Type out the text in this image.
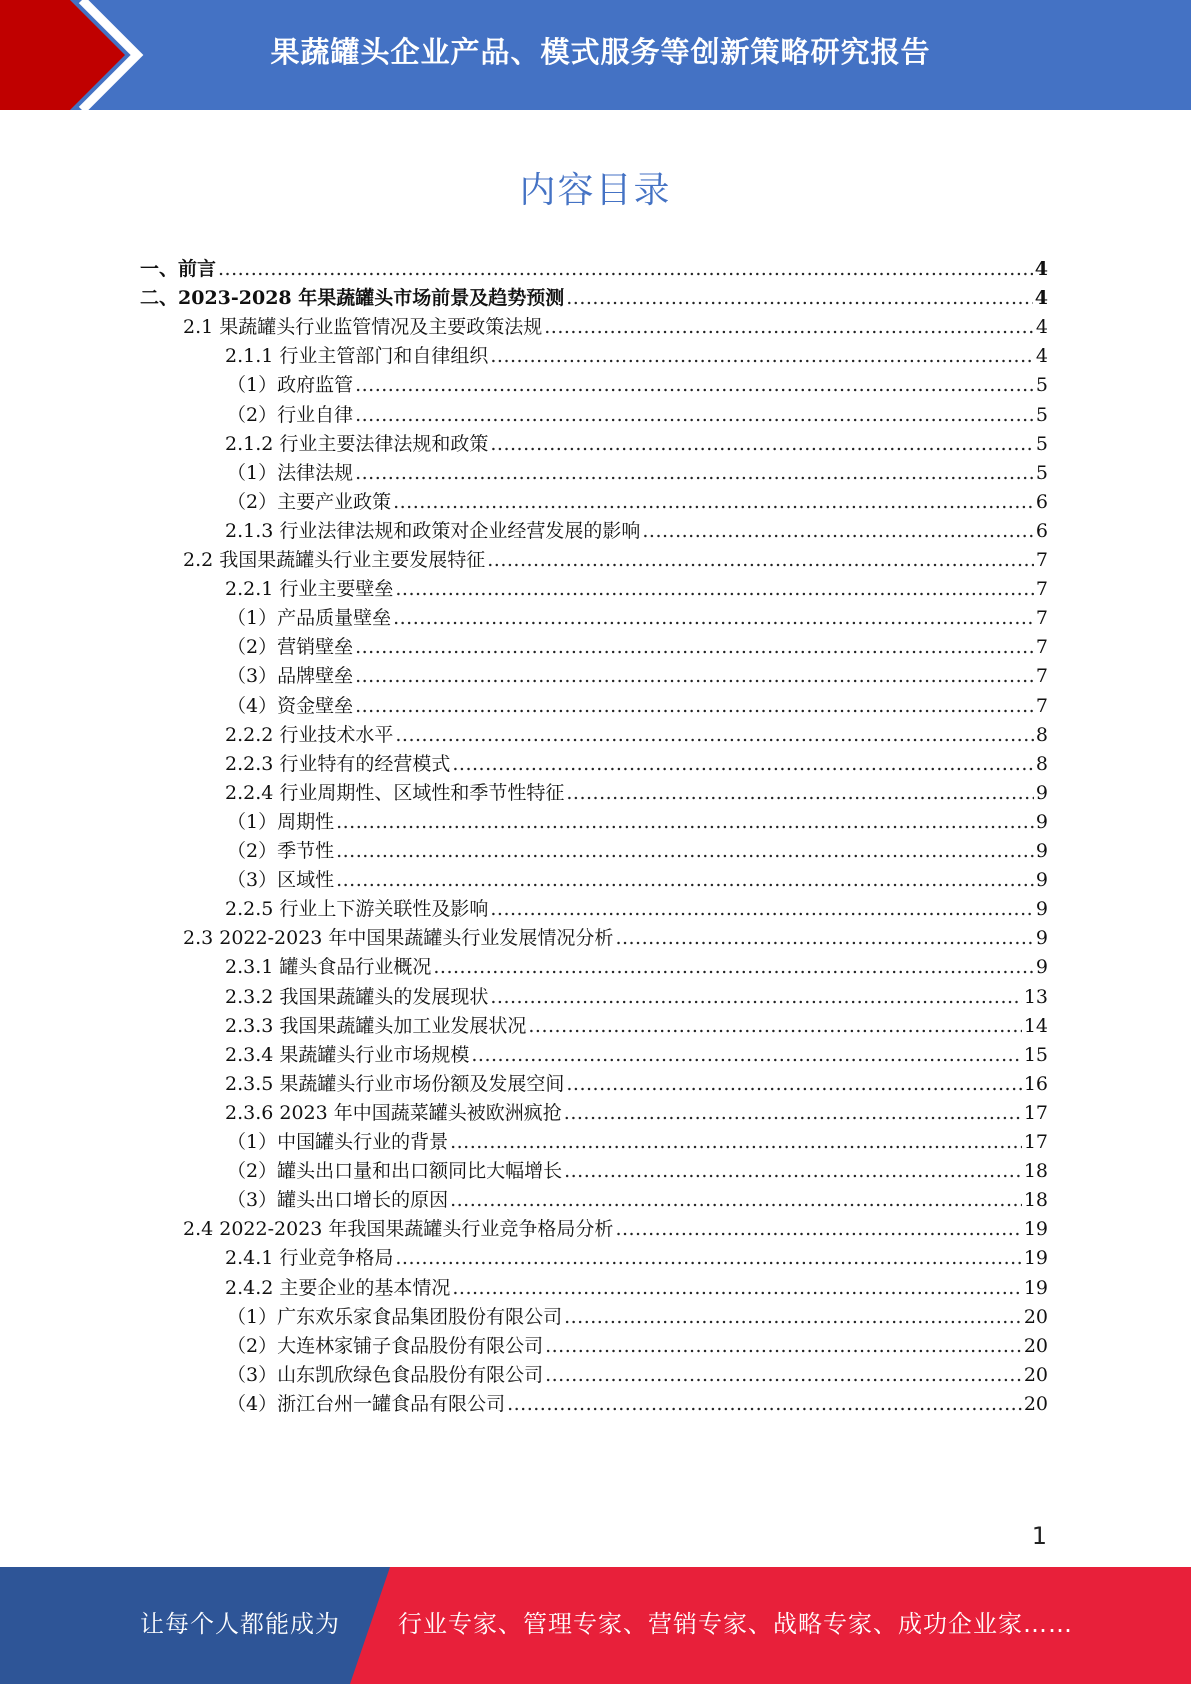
果蔬罐头企业产品、模式服务等创新策略研究报告
内容目录
一、前言 .....	4
二、2023-2028 年果蔬罐头市场前景及趋势预测 .....	4
2.1 果蔬罐头行业监管情况及主要政策法规 .....	4
2.1.1 行业主管部门和自律组织 .....	4
（1）政府监管 .....	5
（2）行业自律 .....	5
2.1.2 行业主要法律法规和政策 .....	5
（1）法律法规 .....	5
（2）主要产业政策 .....	6
2.1.3 行业法律法规和政策对企业经营发展的影响 .....	6
2.2 我国果蔬罐头行业主要发展特征 .....	7
2.2.1 行业主要壁垒 .....	7
（1）产品质量壁垒 .....	7
（2）营销壁垒 .....	7
（3）品牌壁垒 .....	7
（4）资金壁垒 .....	7
2.2.2 行业技术水平 .....	8
2.2.3 行业特有的经营模式 .....	8
2.2.4 行业周期性、区域性和季节性特征 .....	9
（1）周期性 .....	9
（2）季节性 .....	9
（3）区域性 .....	9
2.2.5 行业上下游关联性及影响 .....	9
2.3 2022-2023 年中国果蔬罐头行业发展情况分析 .....	9
2.3.1 罐头食品行业概况 .....	9
2.3.2 我国果蔬罐头的发展现状 .....	13
2.3.3 我国果蔬罐头加工业发展状况 .....	14
2.3.4 果蔬罐头行业市场规模 .....	15
2.3.5 果蔬罐头行业市场份额及发展空间 .....	16
2.3.6 2023 年中国蔬菜罐头被欧洲疯抢 .....	17
（1）中国罐头行业的背景 .....	17
（2）罐头出口量和出口额同比大幅增长 .....	18
（3）罐头出口增长的原因 .....	18
2.4 2022-2023 年我国果蔬罐头行业竞争格局分析 .....	19
2.4.1 行业竞争格局 .....	19
2.4.2 主要企业的基本情况 .....	19
（1）广东欢乐家食品集团股份有限公司 .....	20
（2）大连林家铺子食品股份有限公司 .....	20
（3）山东凯欣绿色食品股份有限公司 .....	20
（4）浙江台州一罐食品有限公司 .....	20
1
让每个人都能成为 行业专家、管理专家、营销专家、战略专家、成功企业家……
